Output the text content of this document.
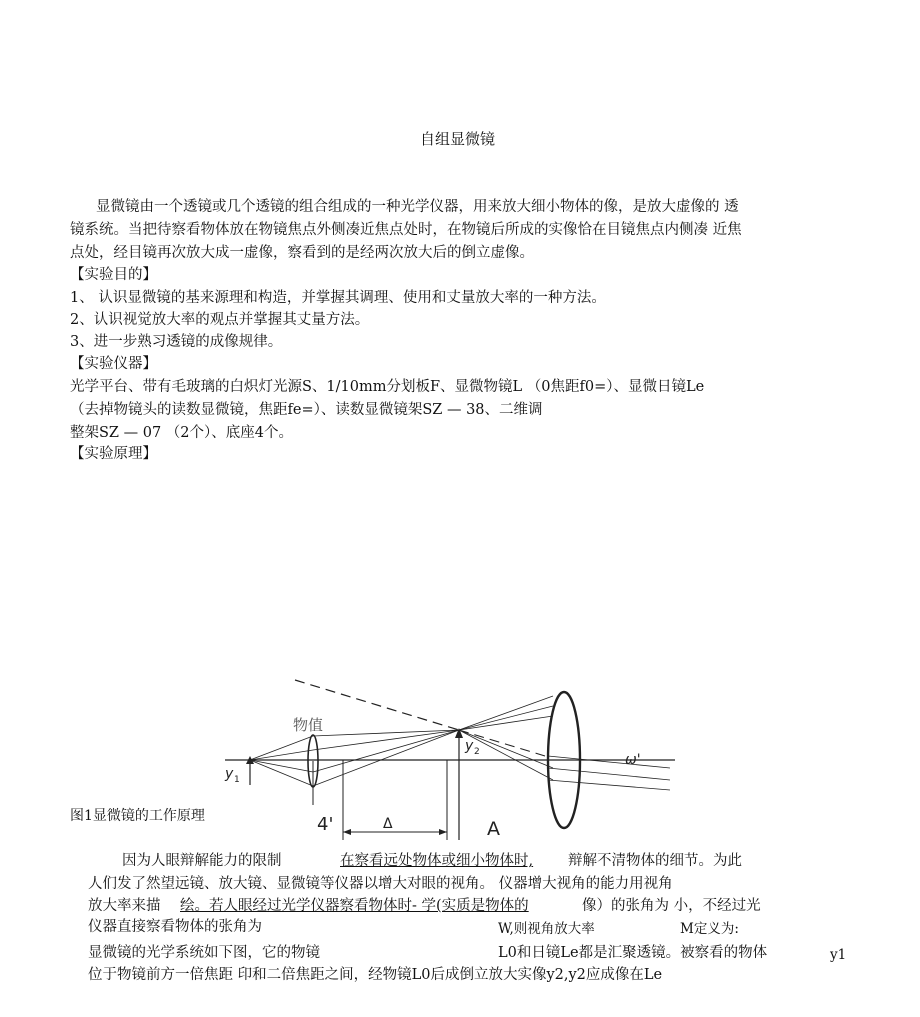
自组显微镜
显微镜由一个透镜或几个透镜的组合组成的一种光学仪器，用来放大细小物体的像，是放大虚像的 透
镜系统。当把待察看物体放在物镜焦点外侧凑近焦点处时，在物镜后所成的实像恰在目镜焦点内侧凑 近焦
点处，经目镜再次放大成一虚像，察看到的是经两次放大后的倒立虚像。
【实验目的】
1、 认识显微镜的基来源理和构造，并掌握其调理、使用和丈量放大率的一种方法。
2、认识视觉放大率的观点并掌握其丈量方法。
3、进一步熟习透镜的成像规律。
【实验仪器】
光学平台、带有毛玻璃的白炽灯光源S、1/10mm分划板F、显微物镜L （0焦距f0=）、显微日镜Le
（去掉物镜头的读数显微镜，焦距fe=）、读数显微镜架SZ — 38、二维调
整架SZ — 07 （2个）、底座4个。
【实验原理】
y 1
物值
y 2	ω'
4'	Δ	A
图1显微镜的工作原理
因为人眼辩解能力的限制	在察看远处物体或细小物体时, 辩解不清物体的细节。为此
人们发了然望远镜、放大镜、显微镜等仪器以增大对眼的视角。 仪器增大视角的能力用视角
放大率来描 绘。若人眼经过光学仪器察看物体时- 学(实质是物体的	像）的张角为 小，不经过光
仪器直接察看物体的张角为	W,则视角放大率	M定义为:
显微镜的光学系统如下图，它的物镜	L0和日镜Le都是汇聚透镜。被察看的物体	y1
位于物镜前方一倍焦距 印和二倍焦距之间，经物镜L0后成倒立放大实像y2,y2应成像在Le
